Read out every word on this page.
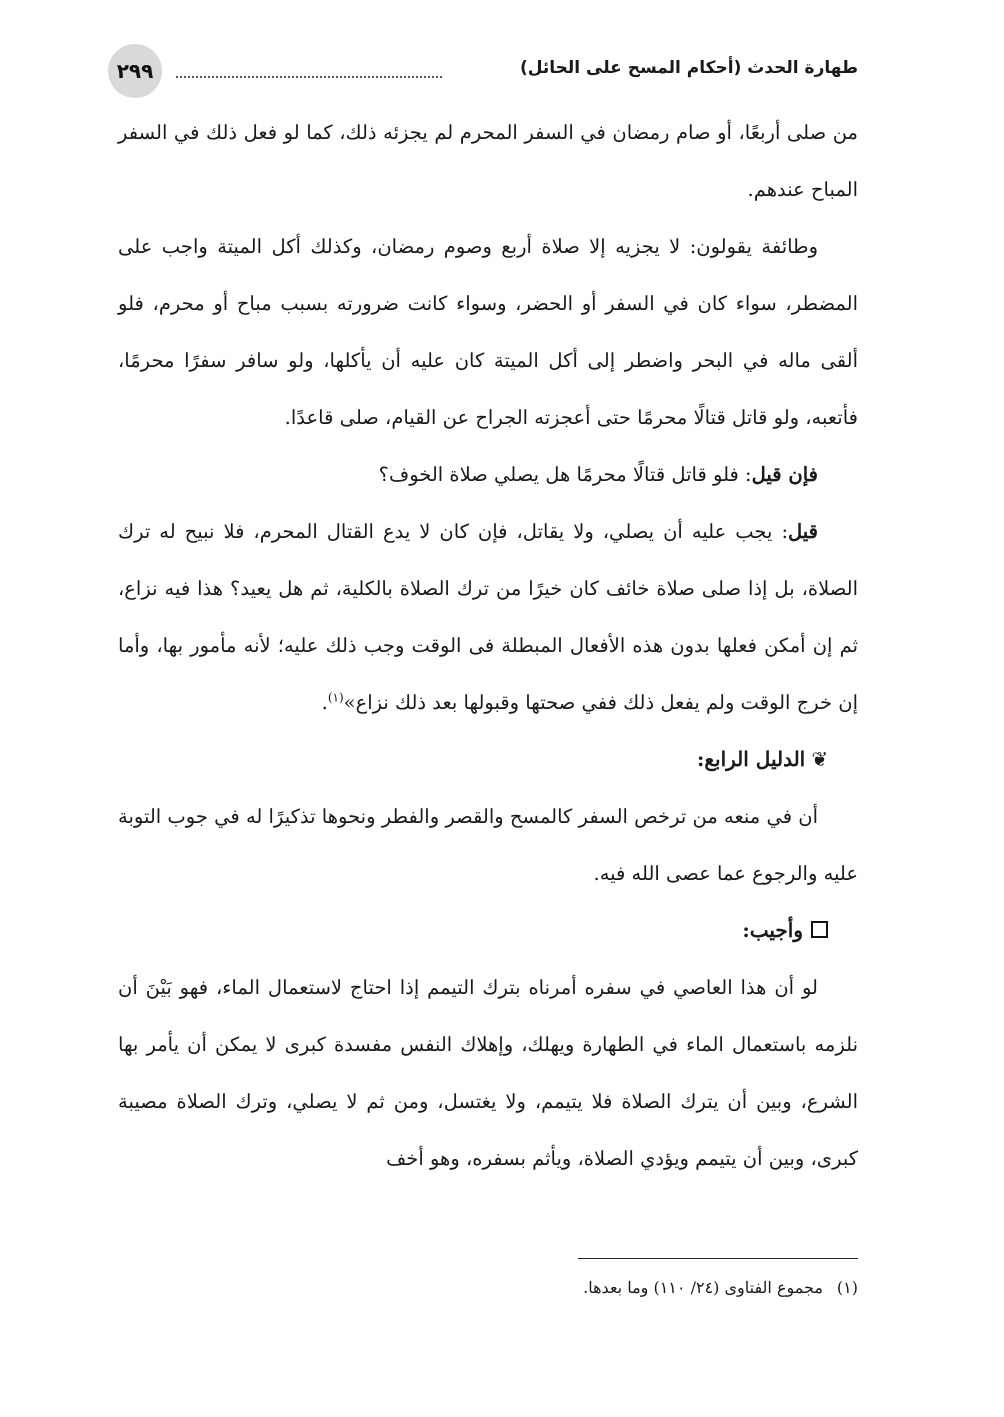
٢٩٩	طهارة الحدث (أحكام المسح على الحائل)

من صلى أربعًا، أو صام رمضان في السفر المحرم لم يجزئه ذلك، كما لو فعل ذلك في السفر المباح عندهم.

وطائفة يقولون: لا يجزيه إلا صلاة أربع وصوم رمضان، وكذلك أكل الميتة واجب على المضطر، سواء كان في السفر أو الحضر، وسواء كانت ضرورته بسبب مباح أو محرم، فلو ألقى ماله في البحر واضطر إلى أكل الميتة كان عليه أن يأكلها، ولو سافر سفرًا محرمًا، فأتعبه، ولو قاتل قتالًا محرمًا حتى أعجزته الجراح عن القيام، صلى قاعدًا.

فإن قيل: فلو قاتل قتالًا محرمًا هل يصلي صلاة الخوف؟

قيل: يجب عليه أن يصلي، ولا يقاتل، فإن كان لا يدع القتال المحرم، فلا نبيح له ترك الصلاة، بل إذا صلى صلاة خائف كان خيرًا من ترك الصلاة بالكلية، ثم هل يعيد؟ هذا فيه نزاع، ثم إن أمكن فعلها بدون هذه الأفعال المبطلة فى الوقت وجب ذلك عليه؛ لأنه مأمور بها، وأما إن خرج الوقت ولم يفعل ذلك ففي صحتها وقبولها بعد ذلك نزاع»$^{(١)}$.

❦الدليل الرابع:

أن في منعه من ترخص السفر كالمسح والقصر والفطر ونحوها تذكيرًا له في جوب التوبة عليه والرجوع عما عصى الله فيه.

وأجيب:

لو أن هذا العاصي في سفره أمرناه بترك التيمم إذا احتاج لاستعمال الماء، فهو بَيْنَ أن نلزمه باستعمال الماء في الطهارة ويهلك، وإهلاك النفس مفسدة كبرى لا يمكن أن يأمر بها الشرع، وبين أن يترك الصلاة فلا يتيمم، ولا يغتسل، ومن ثم لا يصلي، وترك الصلاة مصيبة كبرى، وبين أن يتيمم ويؤدي الصلاة، ويأثم بسفره، وهو أخف

(١)مجموع الفتاوى (٢٤/ ١١٠) وما بعدها.
